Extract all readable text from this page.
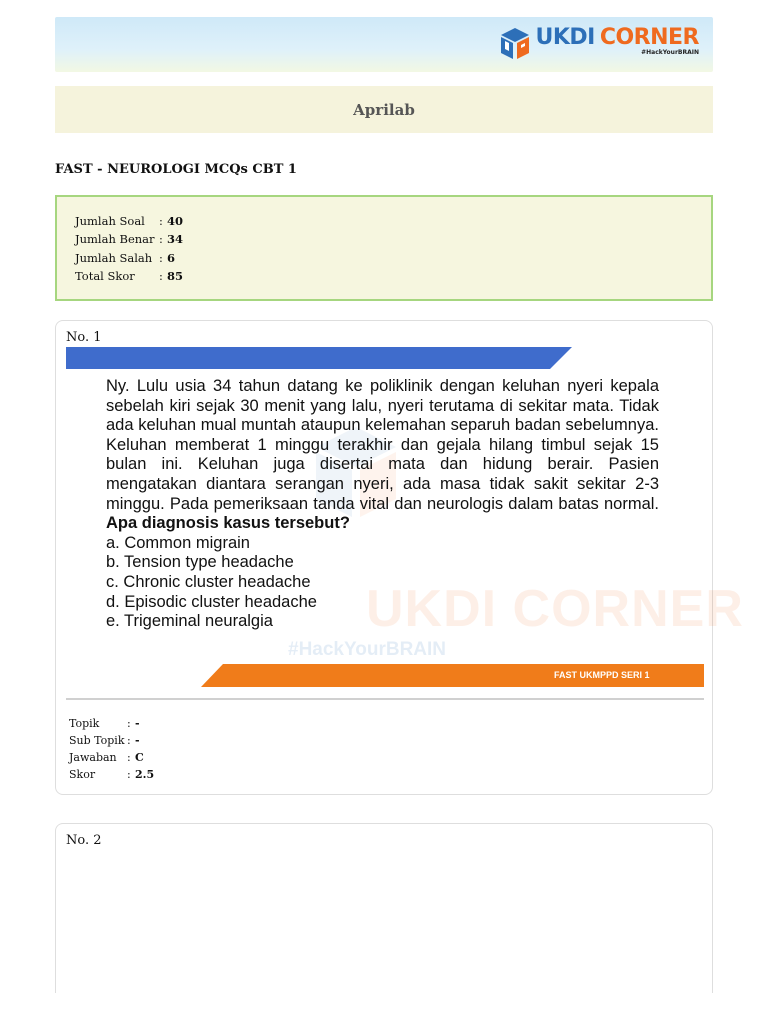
UKDI CORNER
#HackYourBRAIN
Aprilab
FAST - NEUROLOGI MCQs CBT 1
Jumlah Soal	: 40
Jumlah Benar : 34
Jumlah Salah : 6
Total Skor	: 85
No. 1
UKDI CORNER
#HackYourBRAIN

Ny. Lulu usia 34 tahun datang ke poliklinik dengan keluhan nyeri kepala sebelah kiri sejak 30 menit yang lalu, nyeri terutama di sekitar mata. Tidak ada keluhan mual muntah ataupun kelemahan separuh badan sebelumnya. Keluhan memberat 1 minggu terakhir dan gejala hilang timbul sejak 15 bulan ini. Keluhan juga disertai mata dan hidung berair. Pasien mengatakan diantara serangan nyeri, ada masa tidak sakit sekitar 2-3 minggu. Pada pemeriksaan tanda vital dan neurologis dalam batas normal. Apa diagnosis kasus tersebut?

a. Common migrain
b. Tension type headache
c. Chronic cluster headache
d. Episodic cluster headache
e. Trigeminal neuralgia
FAST UKMPPD SERI 1
Topik	: -
Sub Topik : -
Jawaban : C
Skor	: 2.5
No. 2
